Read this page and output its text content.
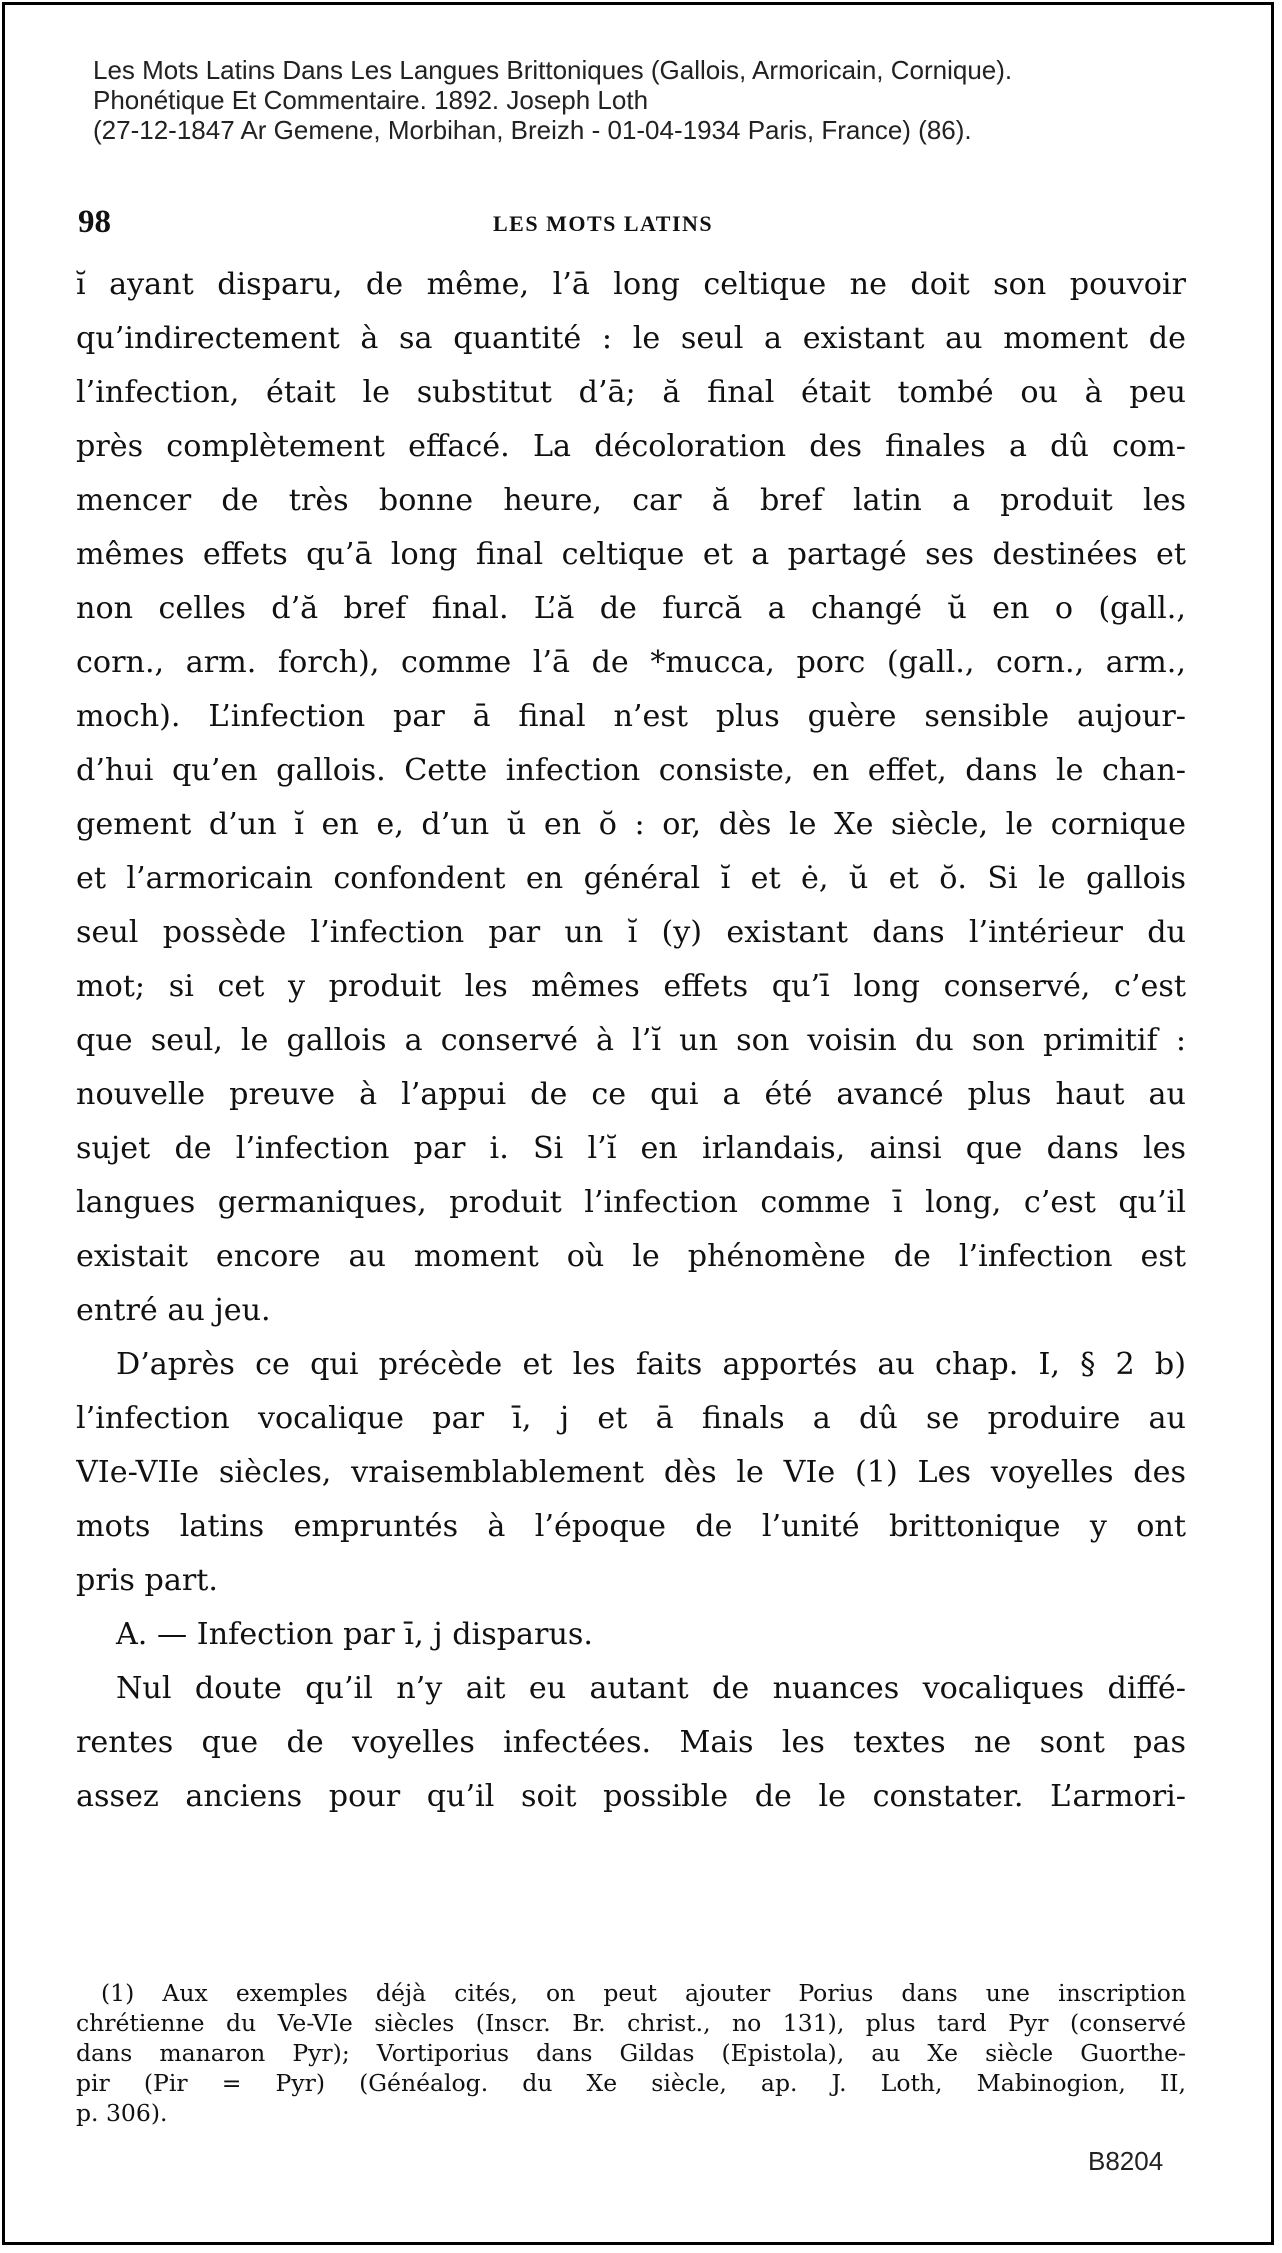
Les Mots Latins Dans Les Langues Brittoniques (Gallois, Armoricain, Cornique).
Phonétique Et Commentaire. 1892. Joseph Loth
(27-12-1847 Ar Gemene, Morbihan, Breizh - 01-04-1934 Paris, France) (86).
98	LES MOTS LATINS
ĭ ayant disparu, de même, l’ā long celtique ne doit son pouvoir
qu’indirectement à sa quantité : le seul a existant au moment de
l’infection, était le substitut d’ā; ă final était tombé ou à peu
près complètement effacé. La décoloration des finales a dû com-
mencer de très bonne heure, car ă bref latin a produit les
mêmes effets qu’ā long final celtique et a partagé ses destinées et
non celles d’ă bref final. L’ă de furcă a changé ŭ en o (gall.,
corn., arm. forch), comme l’ā de *mucca, porc (gall., corn., arm.,
moch). L’infection par ā final n’est plus guère sensible aujour-
d’hui qu’en gallois. Cette infection consiste, en effet, dans le chan-
gement d’un ĭ en e, d’un ŭ en ŏ : or, dès le Xe siècle, le cornique
et l’armoricain confondent en général ĭ et ė, ŭ et ŏ. Si le gallois
seul possède l’infection par un ĭ (y) existant dans l’intérieur du
mot; si cet y produit les mêmes effets qu’ī long conservé, c’est
que seul, le gallois a conservé à l’ĭ un son voisin du son primitif :
nouvelle preuve à l’appui de ce qui a été avancé plus haut au
sujet de l’infection par i. Si l’ĭ en irlandais, ainsi que dans les
langues germaniques, produit l’infection comme ī long, c’est qu’il
existait encore au moment où le phénomène de l’infection est
entré au jeu.
D’après ce qui précède et les faits apportés au chap. I, § 2 b)
l’infection vocalique par ī, j et ā finals a dû se produire au
VIe-VIIe siècles, vraisemblablement dès le VIe (1) Les voyelles des
mots latins empruntés à l’époque de l’unité brittonique y ont
pris part.
A. — Infection par ī, j disparus.
Nul doute qu’il n’y ait eu autant de nuances vocaliques diffé-
rentes que de voyelles infectées. Mais les textes ne sont pas
assez anciens pour qu’il soit possible de le constater. L’armori-
(1) Aux exemples déjà cités, on peut ajouter Porius dans une inscription
chrétienne du Ve-VIe siècles (Inscr. Br. christ., no 131), plus tard Pyr (conservé
dans manaron Pyr); Vortiporius dans Gildas (Epistola), au Xe siècle Guorthe-
pir (Pir = Pyr) (Généalog. du Xe siècle, ap. J. Loth, Mabinogion, II,
p. 306).
B8204
